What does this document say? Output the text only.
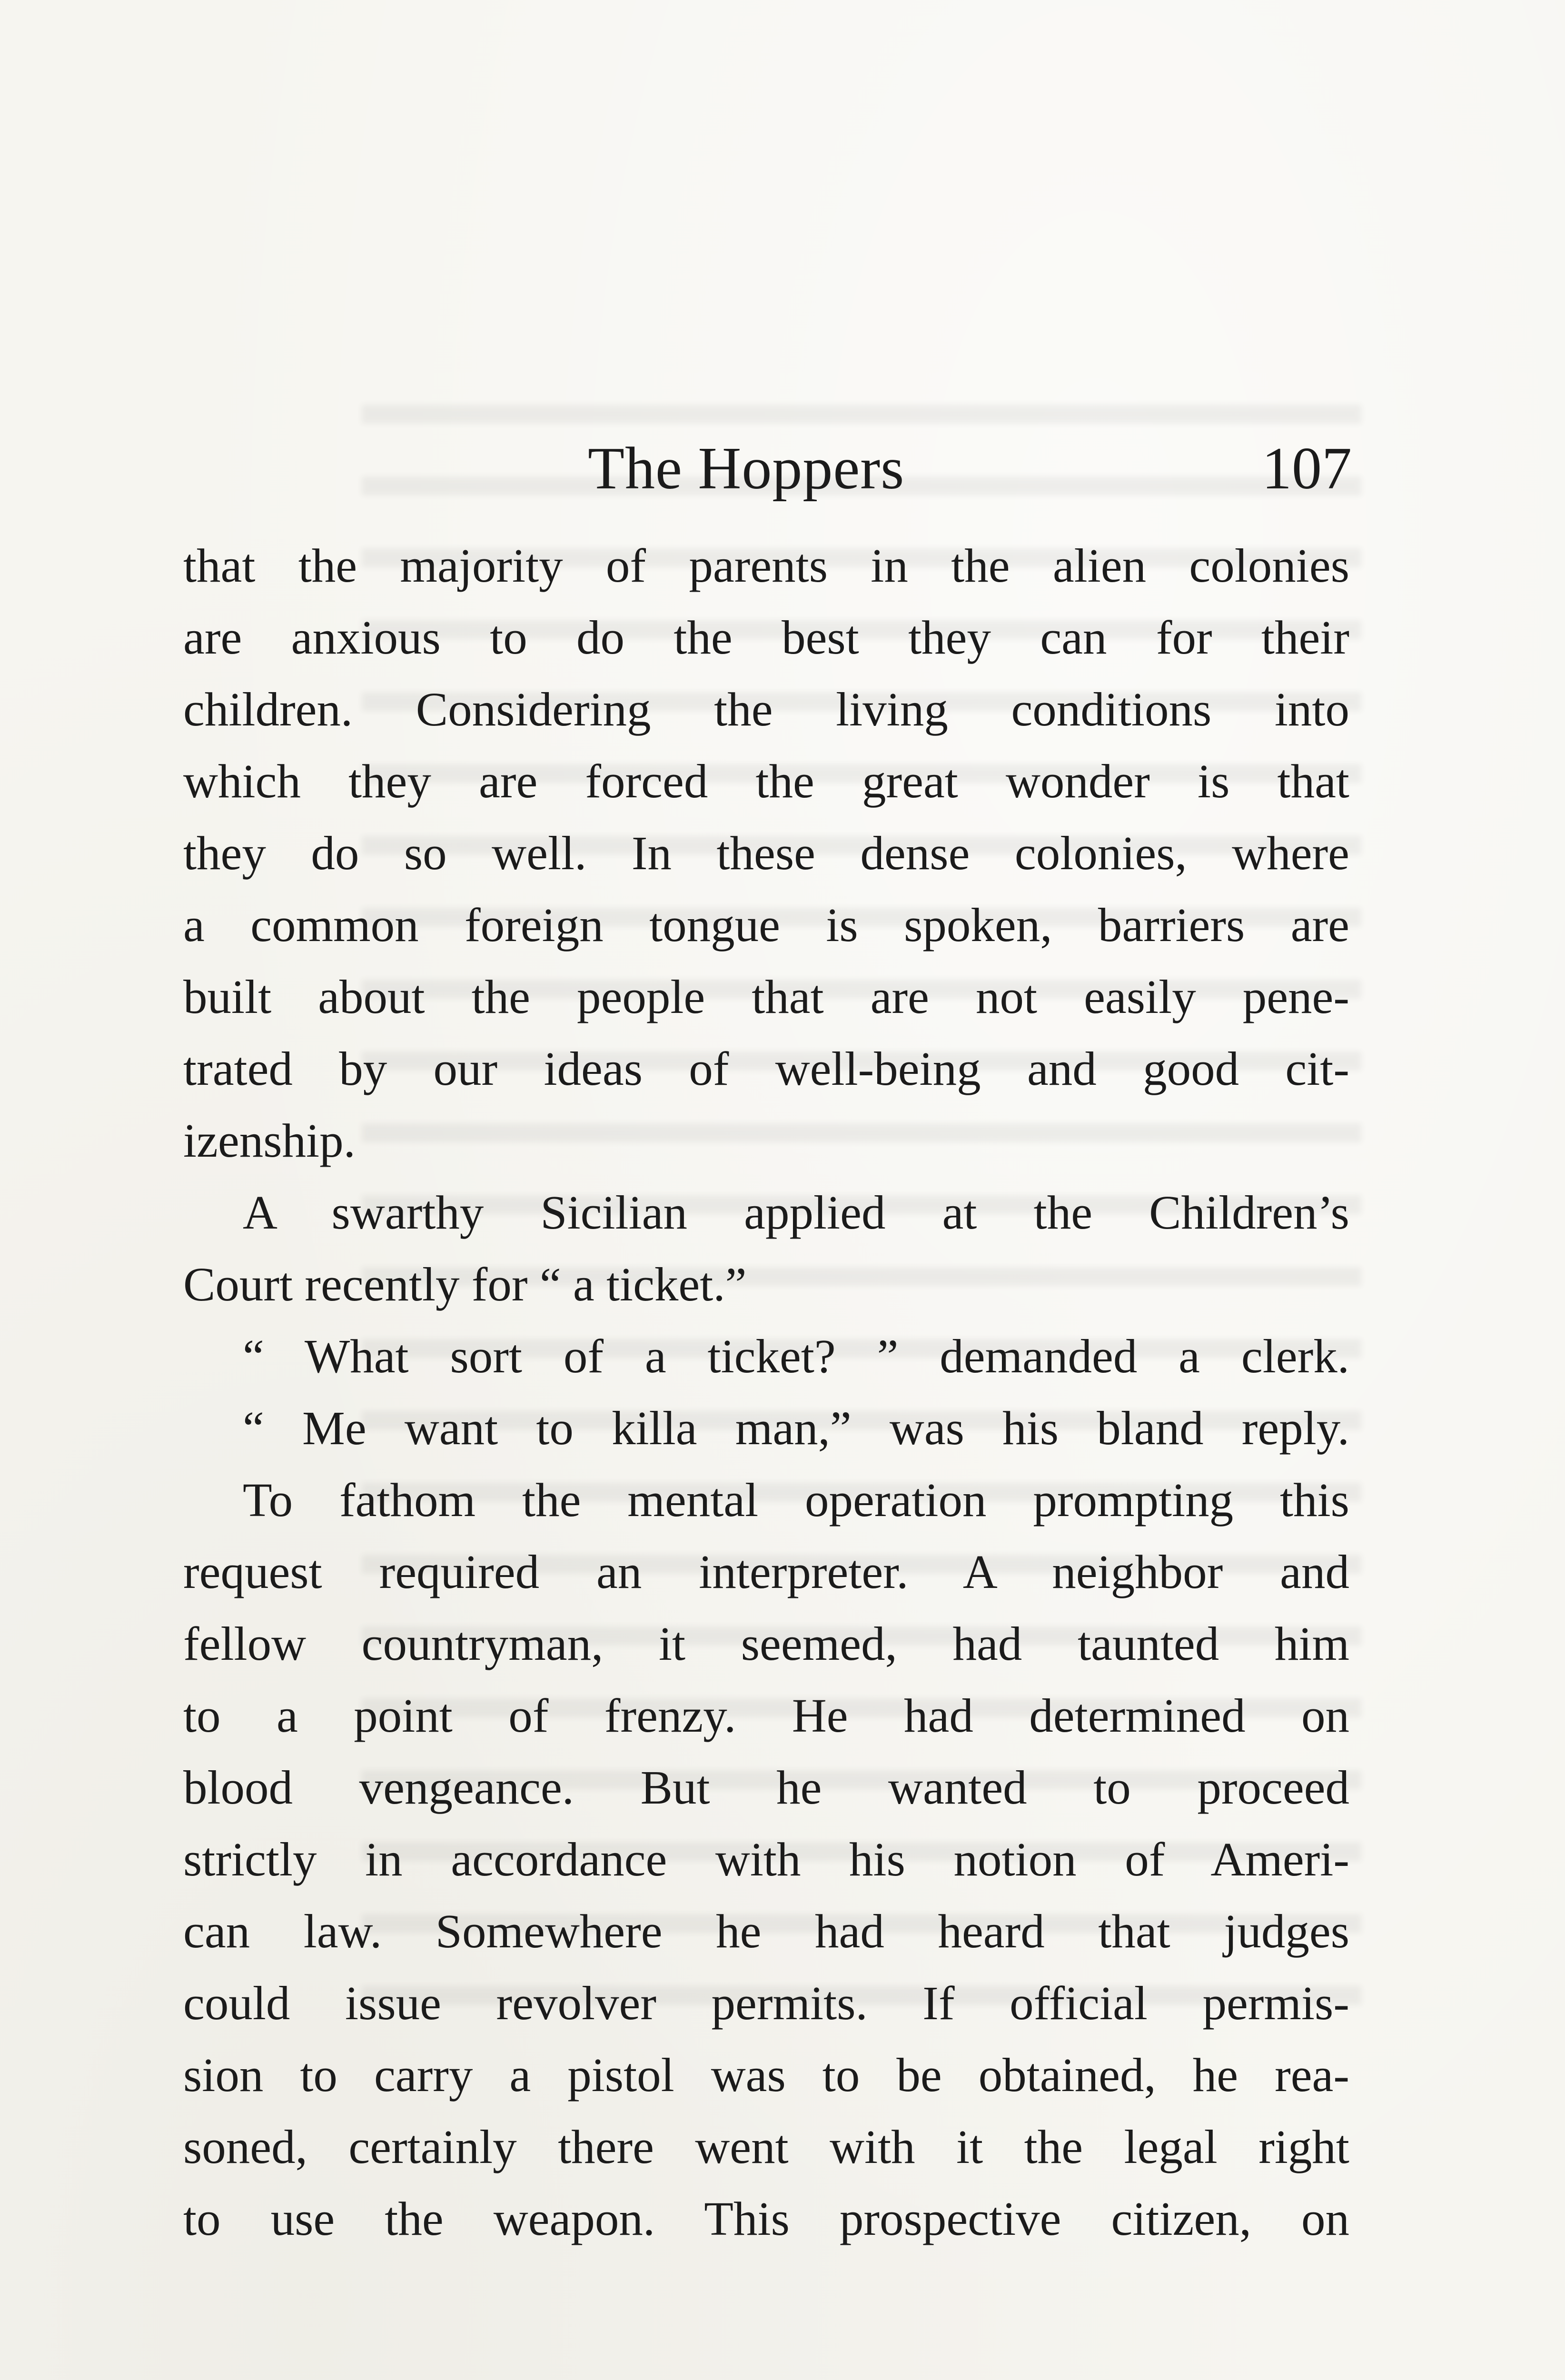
The Hoppers	107
that the majority of parents in the alien colonies
are anxious to do the best they can for their
children. Considering the living conditions into
which they are forced the great wonder is that
they do so well. In these dense colonies, where
a common foreign tongue is spoken, barriers are
built about the people that are not easily pene-
trated by our ideas of well-being and good cit-
izenship.
A swarthy Sicilian applied at the Children’s
Court recently for “ a ticket.”
“ What sort of a ticket? ” demanded a clerk.
“ Me want to killa man,” was his bland reply.
To fathom the mental operation prompting this
request required an interpreter. A neighbor and
fellow countryman, it seemed, had taunted him
to a point of frenzy. He had determined on
blood vengeance. But he wanted to proceed
strictly in accordance with his notion of Ameri-
can law. Somewhere he had heard that judges
could issue revolver permits. If official permis-
sion to carry a pistol was to be obtained, he rea-
soned, certainly there went with it the legal right
to use the weapon. This prospective citizen, on
